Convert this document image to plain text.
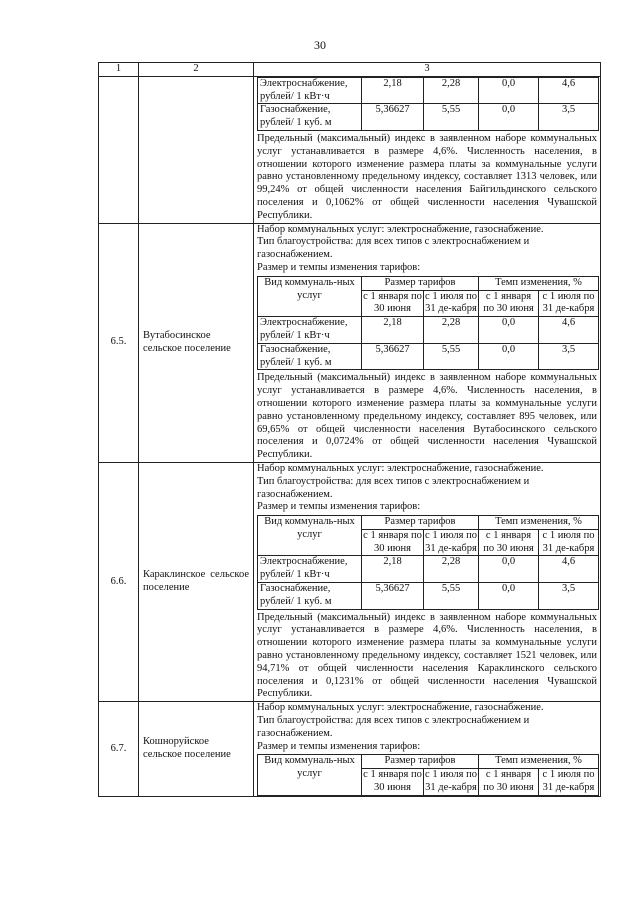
30
1	2	3

Электроснабжение, рублей/ 1 кВт·ч	2,18	2,28	0,0	4,6
Газоснабжение, рублей/ 1 куб. м	5,36627	5,55	0,0	3,5

Предельный (максимальный) индекс в заявленном наборе коммунальных услуг устанавливается в размере 4,6%. Численность населения, в отношении которого изменение размера платы за коммунальные услуги равно установленному предельному индексу, составляет 1313 человек, или 99,24% от общей численности населения Байгильдинского сельского поселения и 0,1062% от общей численности населения Чувашской Республики.

6.5.	Вутабосинское сельское поселение	

Набор коммунальных услуг: электроснабжение, газоснабжение.

Тип благоустройства: для всех типов с электроснабжением и газоснабжением.

Размер и темпы изменения тарифов:

Вид коммуналь-ных услуг	Размер тарифов	Темп изменения, %
с 1 января по 30 июня	с 1 июля по 31 де-кабря	с 1 января по 30 июня	с 1 июля по 31 де-кабря
Электроснабжение, рублей/ 1 кВт·ч	2,18	2,28	0,0	4,6
Газоснабжение, рублей/ 1 куб. м	5,36627	5,55	0,0	3,5

Предельный (максимальный) индекс в заявленном наборе коммунальных услуг устанавливается в размере 4,6%. Численность населения, в отношении которого изменение размера платы за коммунальные услуги равно установленному предельному индексу, составляет 895 человек, или 69,65% от общей численности населения Вутабосинского сельского поселения и 0,0724% от общей численности населения Чувашской Республики.

6.6.	Караклинское сельское поселение	

Набор коммунальных услуг: электроснабжение, газоснабжение.

Тип благоустройства: для всех типов с электроснабжением и газоснабжением.

Размер и темпы изменения тарифов:

Вид коммуналь-ных услуг	Размер тарифов	Темп изменения, %
с 1 января по 30 июня	с 1 июля по 31 де-кабря	с 1 января по 30 июня	с 1 июля по 31 де-кабря
Электроснабжение, рублей/ 1 кВт·ч	2,18	2,28	0,0	4,6
Газоснабжение, рублей/ 1 куб. м	5,36627	5,55	0,0	3,5

Предельный (максимальный) индекс в заявленном наборе коммунальных услуг устанавливается в размере 4,6%. Численность населения, в отношении которого изменение размера платы за коммунальные услуги равно установленному предельному индексу, составляет 1521 человек, или 94,71% от общей численности населения Караклинского сельского поселения и 0,1231% от общей численности населения Чувашской Республики.

6.7.	Кошноруйское сельское поселение	

Набор коммунальных услуг: электроснабжение, газоснабжение.

Тип благоустройства: для всех типов с электроснабжением и газоснабжением.

Размер и темпы изменения тарифов:

Вид коммуналь-ных услуг	Размер тарифов	Темп изменения, %
с 1 января по 30 июня	с 1 июля по 31 де-кабря	с 1 января по 30 июня	с 1 июля по 31 де-кабря
